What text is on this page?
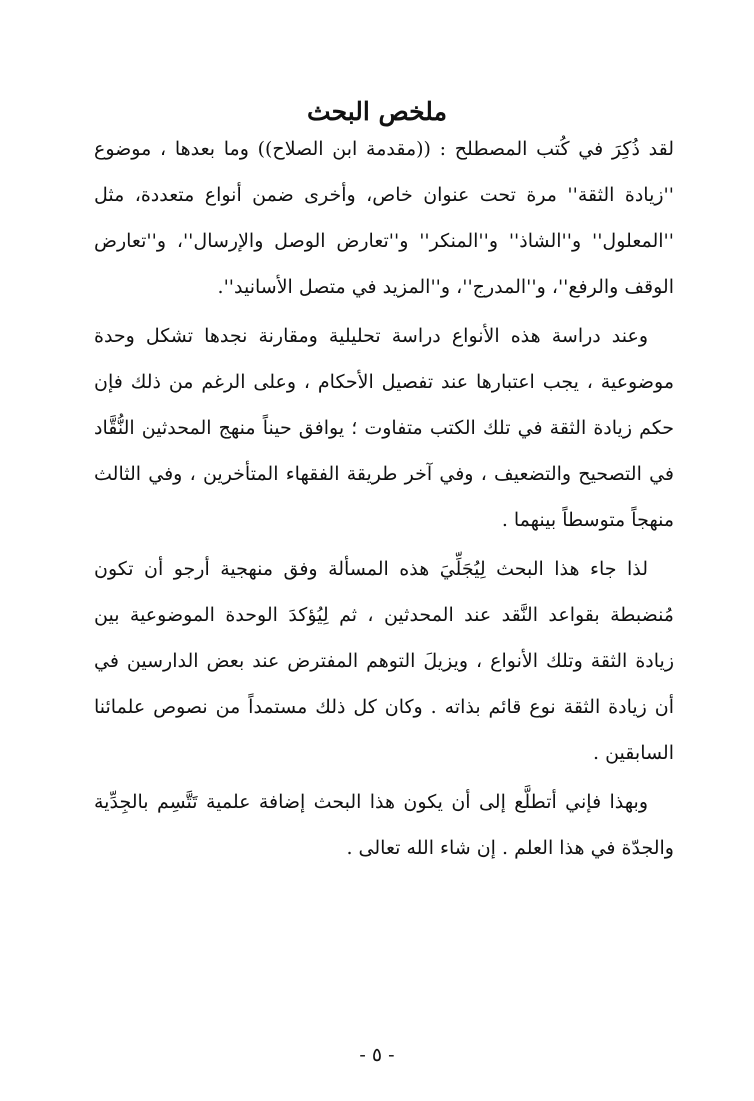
ملخص البحث

لقد ذُكِرَ في كُتب المصطلح : ((مقدمة ابن الصلاح)) وما بعدها ، موضوع ''زيادة الثقة'' مرة تحت عنوان خاص، وأخرى ضمن أنواع متعددة، مثل ''المعلول'' و''الشاذ'' و''المنكر'' و''تعارض الوصل والإرسال''، و''تعارض الوقف والرفع''، و''المدرج''، و''المزيد في متصل الأسانيد''.

وعند دراسة هذه الأنواع دراسة تحليلية ومقارنة نجدها تشكل وحدة موضوعية ، يجب اعتبارها عند تفصيل الأحكام ، وعلى الرغم من ذلك فإن حكم زيادة الثقة في تلك الكتب متفاوت ؛ يوافق حيناً منهج المحدثين النُّقَّاد في التصحيح والتضعيف ، وفي آخر طريقة الفقهاء المتأخرين ، وفي الثالث منهجاً متوسطاً بينهما .

لذا جاء هذا البحث لِيُجَلِّيَ هذه المسألة وفق منهجية أرجو أن تكون مُنضبطة بقواعد النَّقد عند المحدثين ، ثم لِيُؤكدَ الوحدة الموضوعية بين زيادة الثقة وتلك الأنواع ، ويزيلَ التوهم المفترض عند بعض الدارسين في أن زيادة الثقة نوع قائم بذاته . وكان كل ذلك مستمداً من نصوص علمائنا السابقين .

وبهذا فإني أتطلَّع إلى أن يكون هذا البحث إضافة علمية تَتَّسِم بالجِدِّية والجدّة في هذا العلم . إن شاء الله تعالى .

- ٥ -
